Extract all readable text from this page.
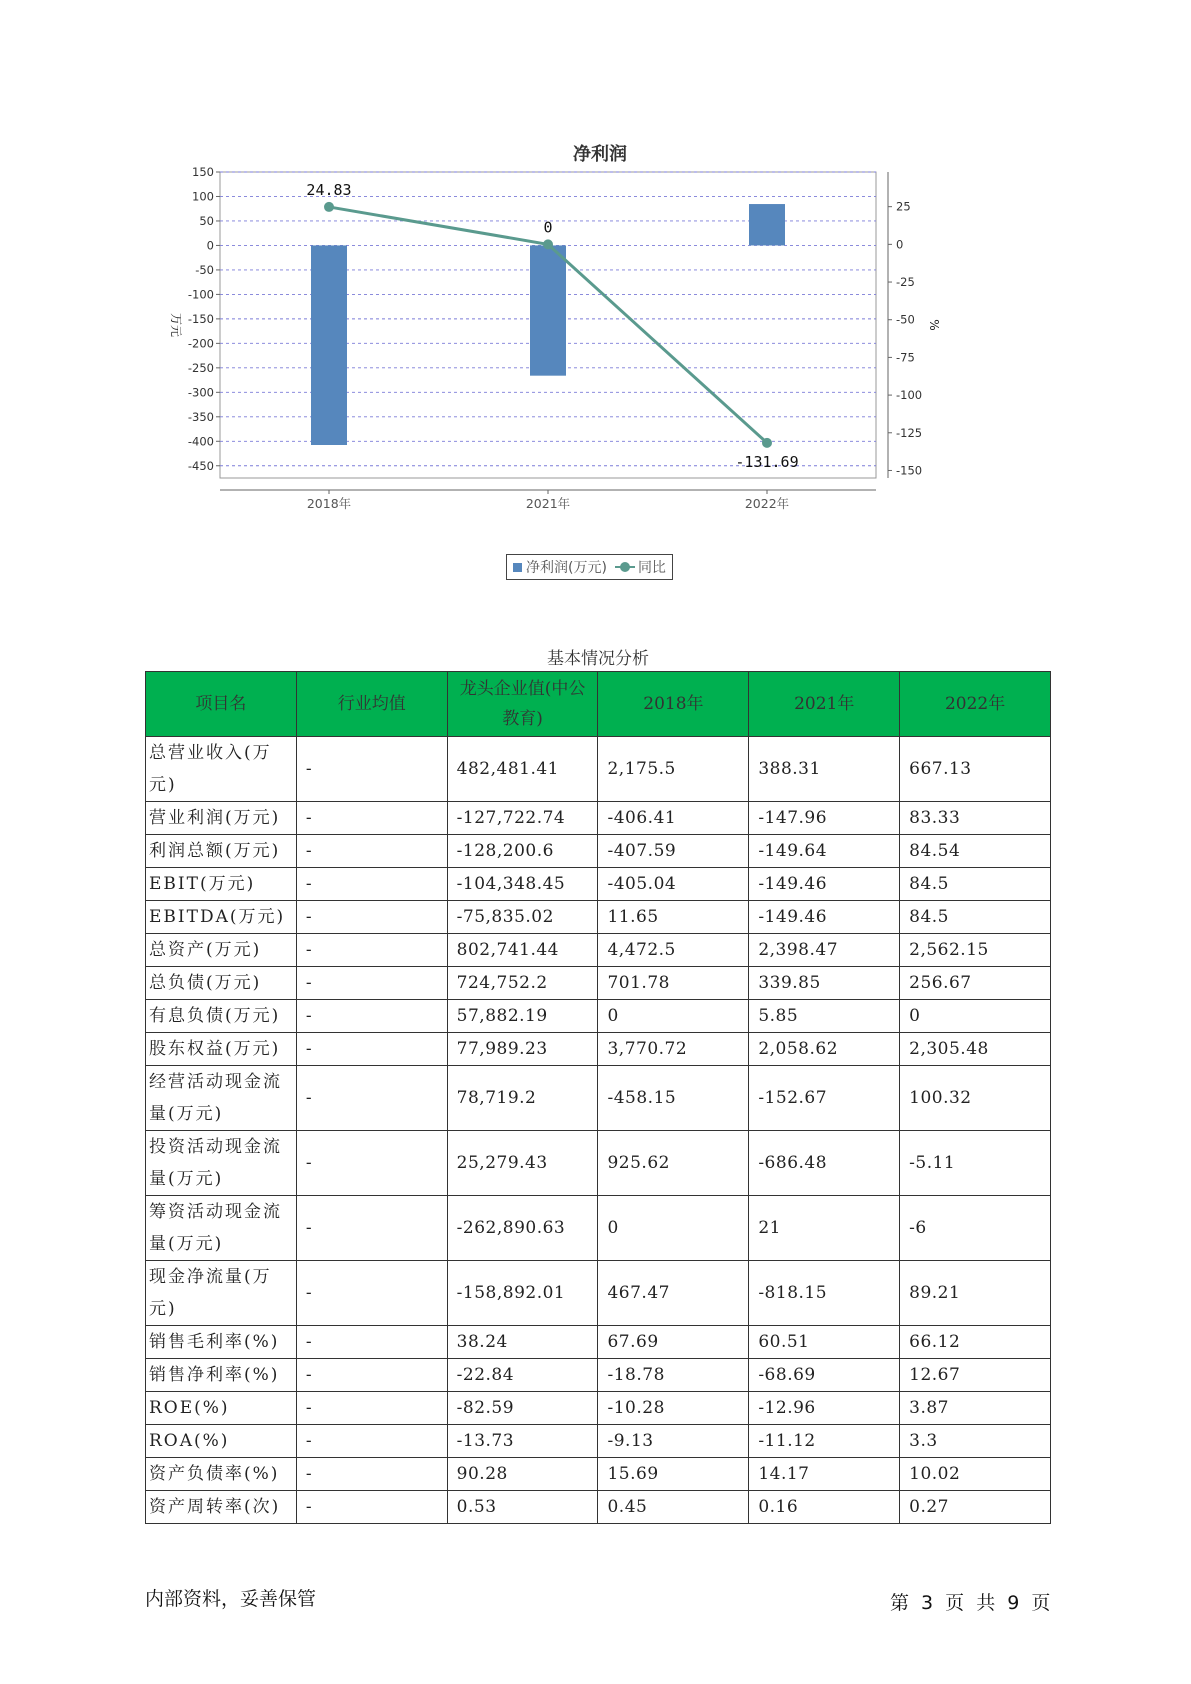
净利润
150
100
50
0
-50
-100
-150
-200
-250
-300
-350
-400
-450
25
0
-25
-50
-75
-100
-125
-150
2018年	2021年	2022年
万元	%
24.83
0
-131.69
净利润(万元) 同比
基本情况分析
项目名	行业均值	龙头企业值(中公教育)	2018年	2021年	2022年
总营业收入(万元)	-	482,481.41	2,175.5	388.31	667.13
营业利润(万元)	-	-127,722.74	-406.41	-147.96	83.33
利润总额(万元)	-	-128,200.6	-407.59	-149.64	84.54
EBIT(万元)	-	-104,348.45	-405.04	-149.46	84.5
EBITDA(万元)	-	-75,835.02	11.65	-149.46	84.5
总资产(万元)	-	802,741.44	4,472.5	2,398.47	2,562.15
总负债(万元)	-	724,752.2	701.78	339.85	256.67
有息负债(万元)	-	57,882.19	0	5.85	0
股东权益(万元)	-	77,989.23	3,770.72	2,058.62	2,305.48
经营活动现金流量(万元)	-	78,719.2	-458.15	-152.67	100.32
投资活动现金流量(万元)	-	25,279.43	925.62	-686.48	-5.11
筹资活动现金流量(万元)	-	-262,890.63	0	21	-6
现金净流量(万元)	-	-158,892.01	467.47	-818.15	89.21
销售毛利率(%)	-	38.24	67.69	60.51	66.12
销售净利率(%)	-	-22.84	-18.78	-68.69	12.67
ROE(%)	-	-82.59	-10.28	-12.96	3.87
ROA(%)	-	-13.73	-9.13	-11.12	3.3
资产负债率(%)	-	90.28	15.69	14.17	10.02
资产周转率(次)	-	0.53	0.45	0.16	0.27
内部资料，妥善保管	第 3 页 共 9 页
